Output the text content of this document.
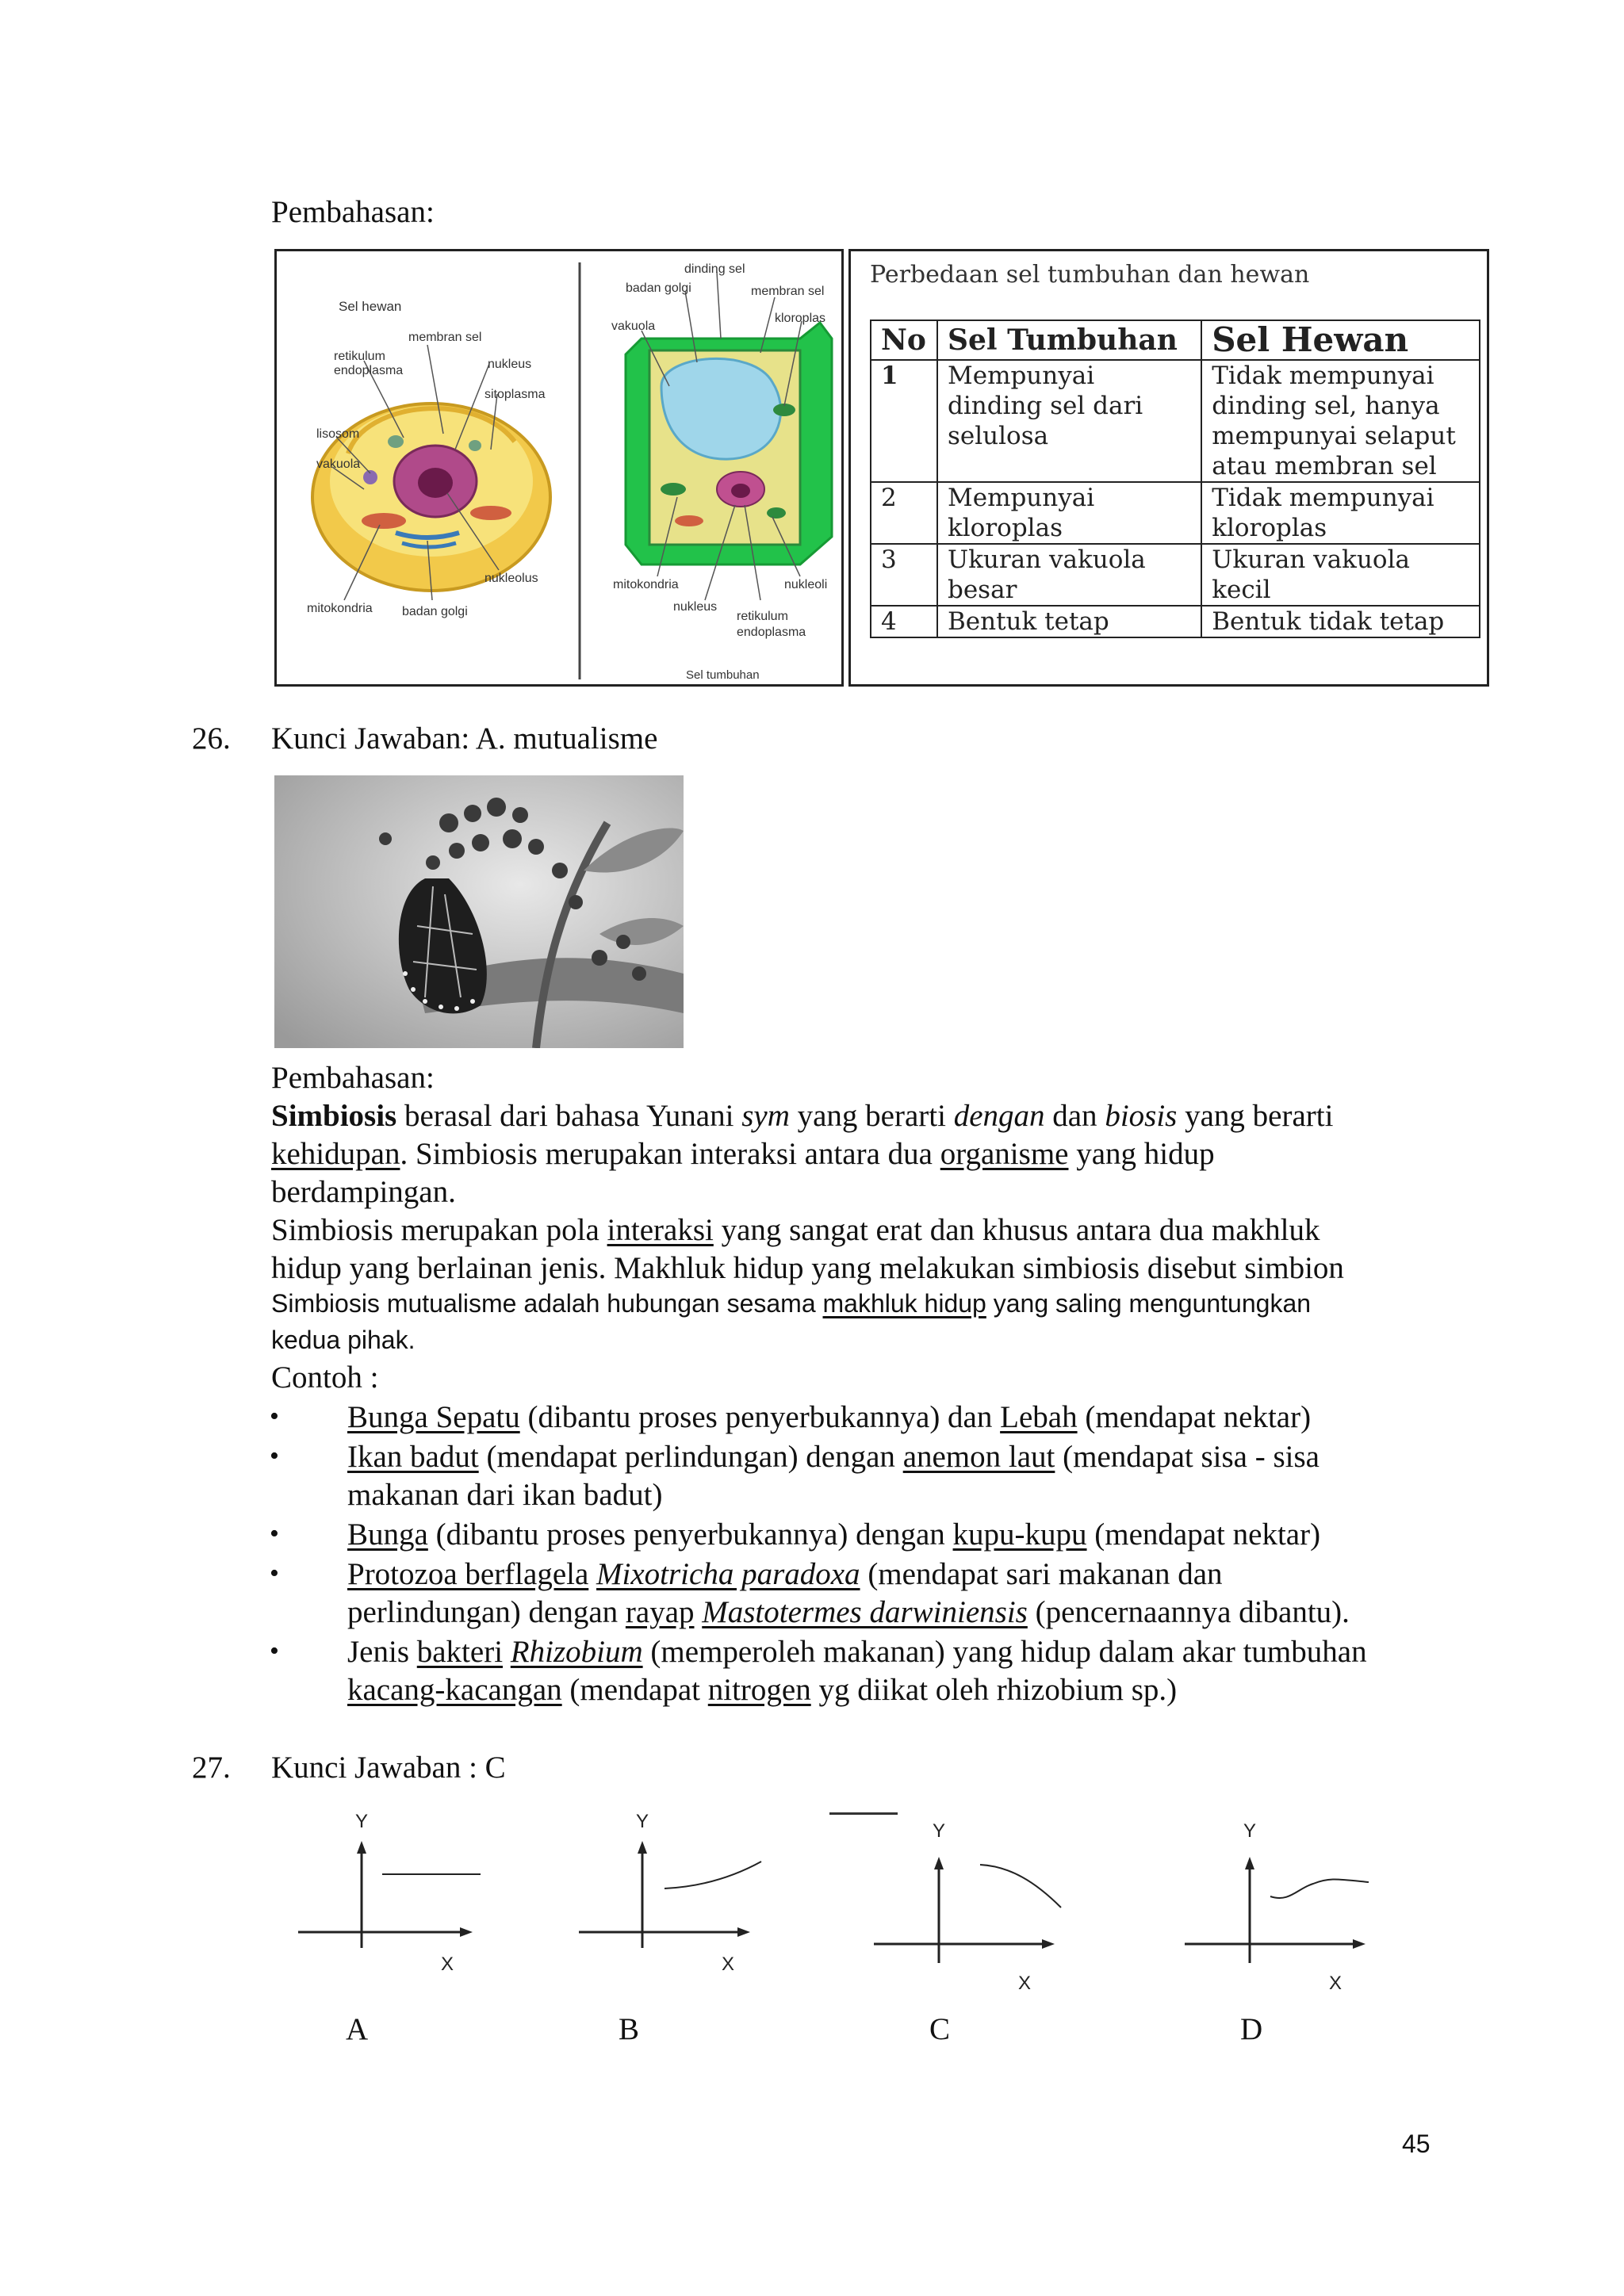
Pembahasan:
Sel hewan
membran sel
retikulum
endoplasma	nukleus
sitoplasma
lisosom
vakuola
nukleolus
mitokondria badan golgi
dinding sel
badan golgi	membran sel
vakuola
kloroplas
mitokondria
nukleus
nukleoli
retikulum
endoplasma
Sel tumbuhan
Perbedaan sel tumbuhan dan hewan
No	Sel Tumbuhan	Sel Hewan
1	Mempunyai dinding sel dari selulosa	Tidak mempunyai dinding sel, hanya mempunyai selaput atau membran sel
2	Mempunyai kloroplas	Tidak mempunyai kloroplas
3	Ukuran vakuola besar	Ukuran vakuola kecil
4	Bentuk tetap	Bentuk tidak tetap
26. Kunci Jawaban: A. mutualisme
Pembahasan:
Simbiosis berasal dari bahasa Yunani sym yang berarti dengan dan biosis yang berarti
kehidupan. Simbiosis merupakan interaksi antara dua organisme yang hidup
berdampingan.
Simbiosis merupakan pola interaksi yang sangat erat dan khusus antara dua makhluk
hidup yang berlainan jenis. Makhluk hidup yang melakukan simbiosis disebut simbion
Simbiosis mutualisme adalah hubungan sesama makhluk hidup yang saling menguntungkan
kedua pihak.
Contoh :
• Bunga Sepatu (dibantu proses penyerbukannya) dan Lebah (mendapat nektar)
• Ikan badut (mendapat perlindungan) dengan anemon laut (mendapat sisa - sisa
makanan dari ikan badut)
• Bunga (dibantu proses penyerbukannya) dengan kupu-kupu (mendapat nektar)
• Protozoa berflagela Mixotricha paradoxa (mendapat sari makanan dan
perlindungan) dengan rayap Mastotermes darwiniensis (pencernaannya dibantu).
• Jenis bakteri Rhizobium (memperoleh makanan) yang hidup dalam akar tumbuhan
kacang-kacangan (mendapat nitrogen yg diikat oleh rhizobium sp.)
27. Kunci Jawaban : C
Y
X
Y
X
Y
X
Y
X
A	B	C	D
45
